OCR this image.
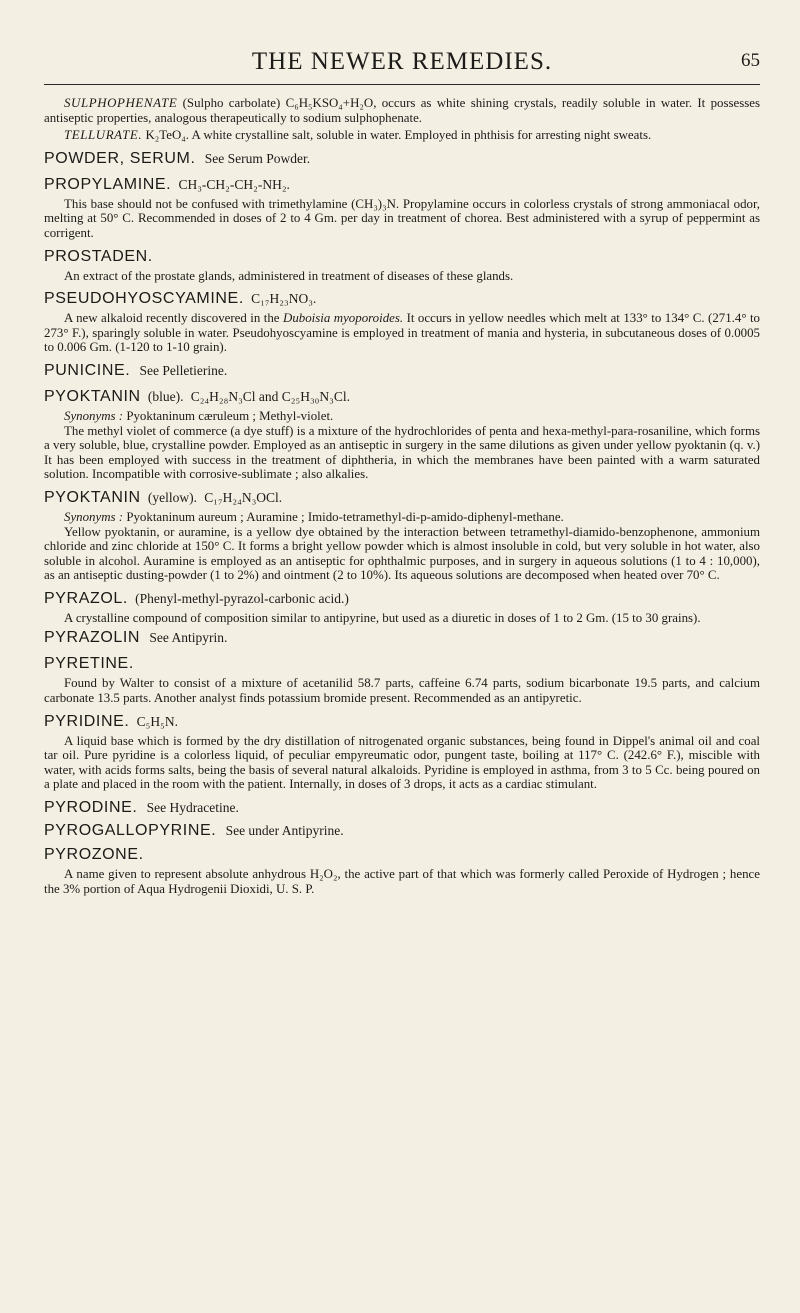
THE NEWER REMEDIES.	65

SULPHOPHENATE (Sulpho carbolate) C₆H₅KSO₄+H₂O, occurs as white shining crystals, readily soluble in water. It possesses antiseptic properties, analogous therapeutically to sodium sulphophenate.

TELLURATE. K₂TeO₄. A white crystalline salt, soluble in water. Employed in phthisis for arresting night sweats.

POWDER, SERUM. See Serum Powder.

PROPYLAMINE. CH₃-CH₂-CH₂-NH₂.

This base should not be confused with trimethylamine (CH₃)₃N. Propylamine occurs in colorless crystals of strong ammoniacal odor, melting at 50° C. Recommended in doses of 2 to 4 Gm. per day in treatment of chorea. Best administered with a syrup of peppermint as corrigent.

PROSTADEN.

An extract of the prostate glands, administered in treatment of diseases of these glands.

PSEUDOHYOSCYAMINE. C₁₇H₂₃NO₃.

A new alkaloid recently discovered in the Duboisia myoporoides. It occurs in yellow needles which melt at 133° to 134° C. (271.4° to 273° F.), sparingly soluble in water. Pseudohyoscyamine is employed in treatment of mania and hysteria, in subcutaneous doses of 0.0005 to 0.006 Gm. (1-120 to 1-10 grain).

PUNICINE. See Pelletierine.

PYOKTANIN (blue). C₂₄H₂₈N₃Cl and C₂₅H₃₀N₃Cl.

Synonyms : Pyoktaninum cæruleum ; Methyl-violet.

The methyl violet of commerce (a dye stuff) is a mixture of the hydrochlorides of penta and hexa-methyl-para-rosaniline, which forms a very soluble, blue, crystalline powder. Employed as an antiseptic in surgery in the same dilutions as given under yellow pyoktanin (q. v.) It has been employed with success in the treatment of diphtheria, in which the membranes have been painted with a warm saturated solution. Incompatible with corrosive-sublimate ; also alkalies.

PYOKTANIN (yellow). C₁₇H₂₄N₃OCl.

Synonyms : Pyoktaninum aureum ; Auramine ; Imido-tetramethyl-di-p-amido-diphenyl-methane.

Yellow pyoktanin, or auramine, is a yellow dye obtained by the interaction between tetramethyl-diamido-benzophenone, ammonium chloride and zinc chloride at 150° C. It forms a bright yellow powder which is almost insoluble in cold, but very soluble in hot water, also soluble in alcohol. Auramine is employed as an antiseptic for ophthalmic purposes, and in surgery in aqueous solutions (1 to 4 : 10,000), as an antiseptic dusting-powder (1 to 2%) and ointment (2 to 10%). Its aqueous solutions are decomposed when heated over 70° C.

PYRAZOL. (Phenyl-methyl-pyrazol-carbonic acid.)

A crystalline compound of composition similar to antipyrine, but used as a diuretic in doses of 1 to 2 Gm. (15 to 30 grains).

PYRAZOLIN See Antipyrin.

PYRETINE.

Found by Walter to consist of a mixture of acetanilid 58.7 parts, caffeine 6.74 parts, sodium bicarbonate 19.5 parts, and calcium carbonate 13.5 parts. Another analyst finds potassium bromide present. Recommended as an antipyretic.

PYRIDINE. C₅H₅N.

A liquid base which is formed by the dry distillation of nitrogenated organic substances, being found in Dippel's animal oil and coal tar oil. Pure pyridine is a colorless liquid, of peculiar empyreumatic odor, pungent taste, boiling at 117° C. (242.6° F.), miscible with water, with acids forms salts, being the basis of several natural alkaloids. Pyridine is employed in asthma, from 3 to 5 Cc. being poured on a plate and placed in the room with the patient. Internally, in doses of 3 drops, it acts as a cardiac stimulant.

PYRODINE. See Hydracetine.

PYROGALLOPYRINE. See under Antipyrine.

PYROZONE.

A name given to represent absolute anhydrous H₂O₂, the active part of that which was formerly called Peroxide of Hydrogen ; hence the 3% portion of Aqua Hydrogenii Dioxidi, U. S. P.
